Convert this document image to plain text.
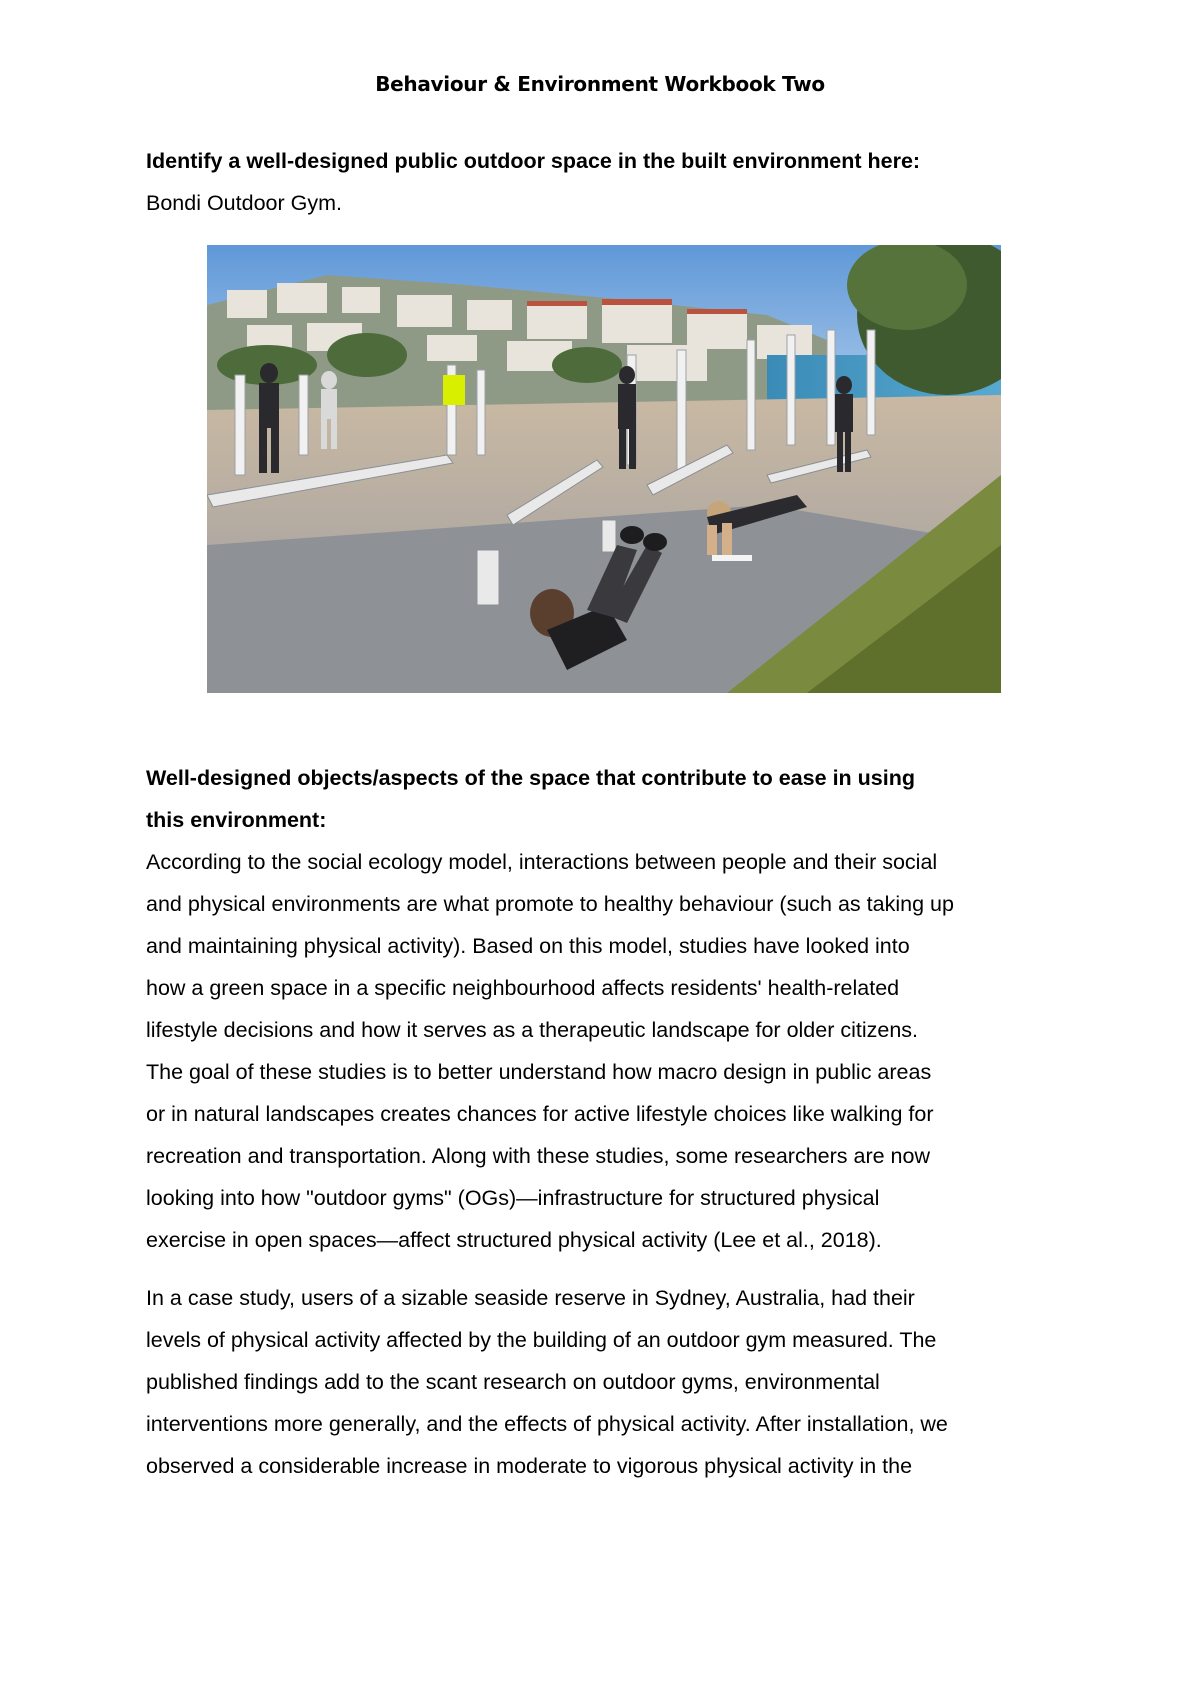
Behaviour & Environment Workbook Two

Identify a well-designed public outdoor space in the built environment here:

Bondi Outdoor Gym.

Well-designed objects/aspects of the space that contribute to ease in using

this environment:

According to the social ecology model, interactions between people and their social

and physical environments are what promote to healthy behaviour (such as taking up

and maintaining physical activity). Based on this model, studies have looked into

how a green space in a specific neighbourhood affects residents' health-related

lifestyle decisions and how it serves as a therapeutic landscape for older citizens.

The goal of these studies is to better understand how macro design in public areas

or in natural landscapes creates chances for active lifestyle choices like walking for

recreation and transportation. Along with these studies, some researchers are now

looking into how "outdoor gyms" (OGs)—infrastructure for structured physical

exercise in open spaces—affect structured physical activity (Lee et al., 2018).

In a case study, users of a sizable seaside reserve in Sydney, Australia, had their

levels of physical activity affected by the building of an outdoor gym measured. The

published findings add to the scant research on outdoor gyms, environmental

interventions more generally, and the effects of physical activity. After installation, we

observed a considerable increase in moderate to vigorous physical activity in the
